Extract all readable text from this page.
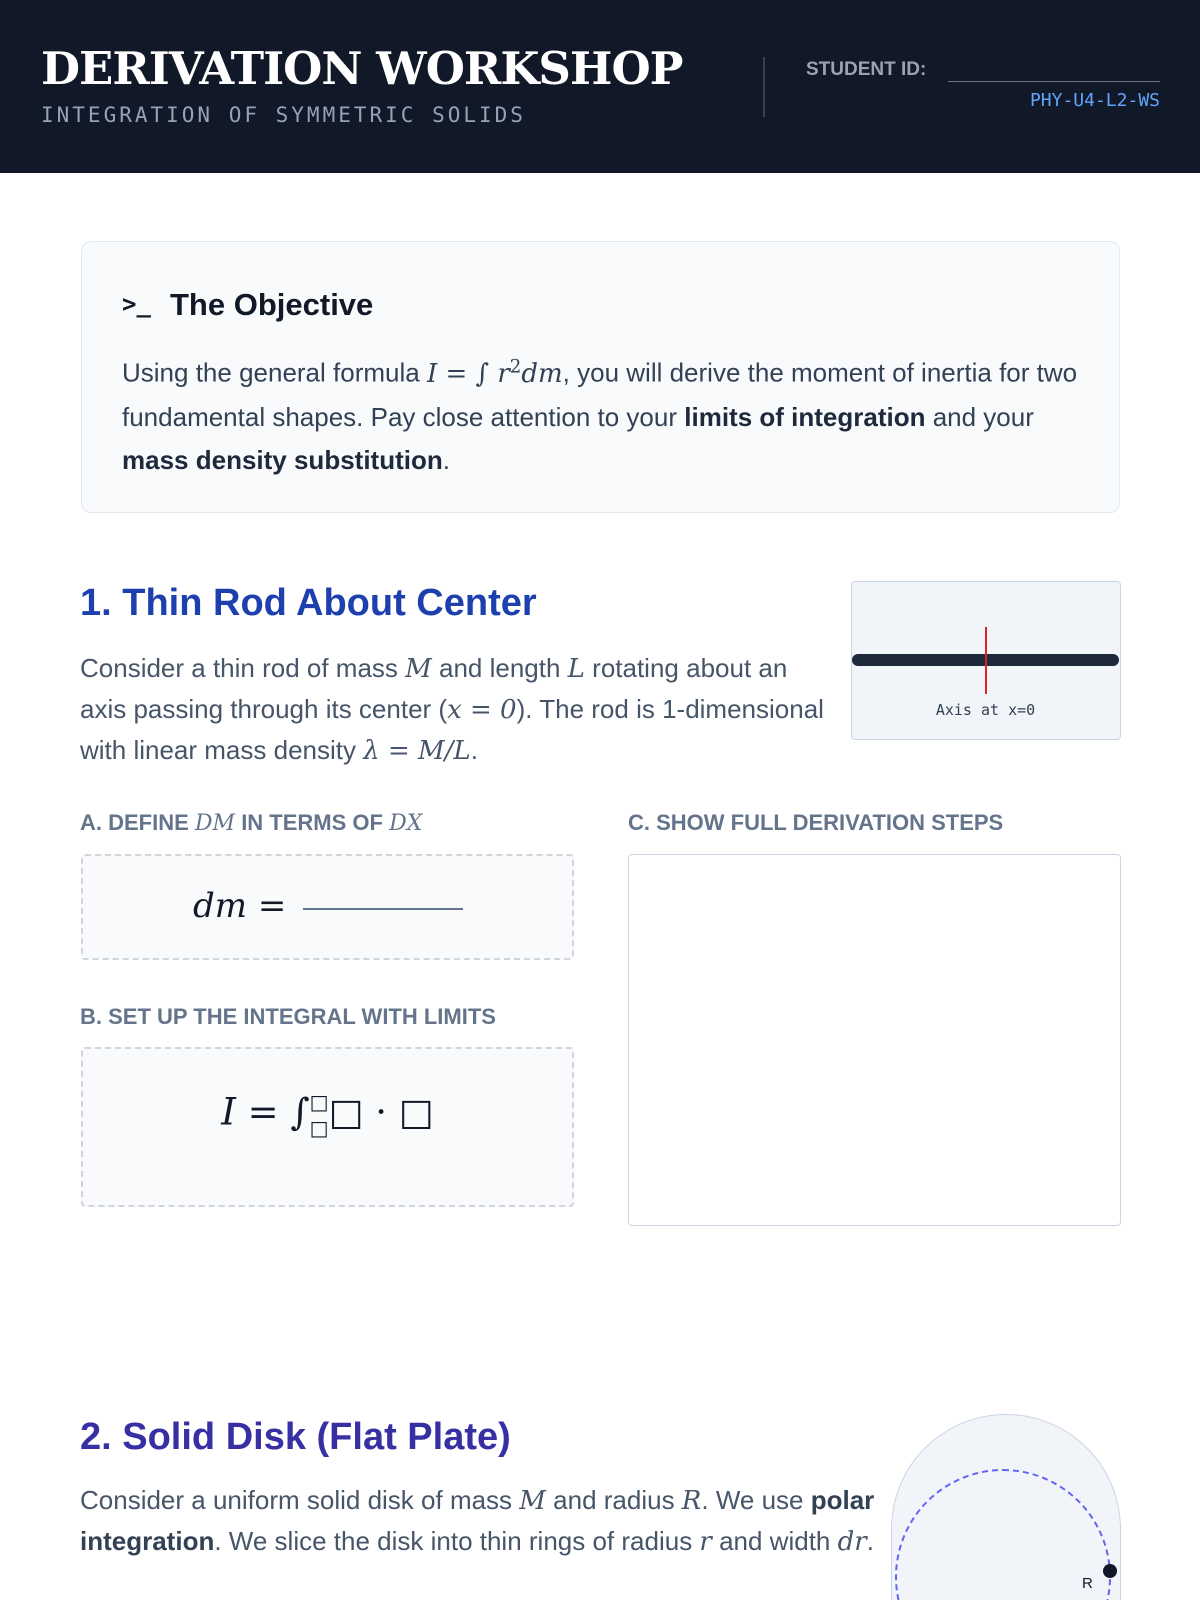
DERIVATION WORKSHOP
INTEGRATION OF SYMMETRIC SOLIDS
STUDENT ID:
PHY-U4-L2-WS
>_ The Objective
Using the general formula I = ∫ $r^2dm$, you will derive the moment of inertia for two fundamental shapes. Pay close attention to your limits of integration and your mass density substitution.
1. Thin Rod About Center
Consider a thin rod of mass M and length L rotating about an axis passing through its center (x = 0). The rod is 1-dimensional with linear mass density λ = M/L.
Axis at x=0
A. DEFINE DM IN TERMS OF DX
dm =
B. SET UP THE INTEGRAL WITH LIMITS
I = ∫□
□□ · □
C. SHOW FULL DERIVATION STEPS
2. Solid Disk (Flat Plate)
Consider a uniform solid disk of mass M and radius R. We use polar integration. We slice the disk into thin rings of radius r and width dr.
R
